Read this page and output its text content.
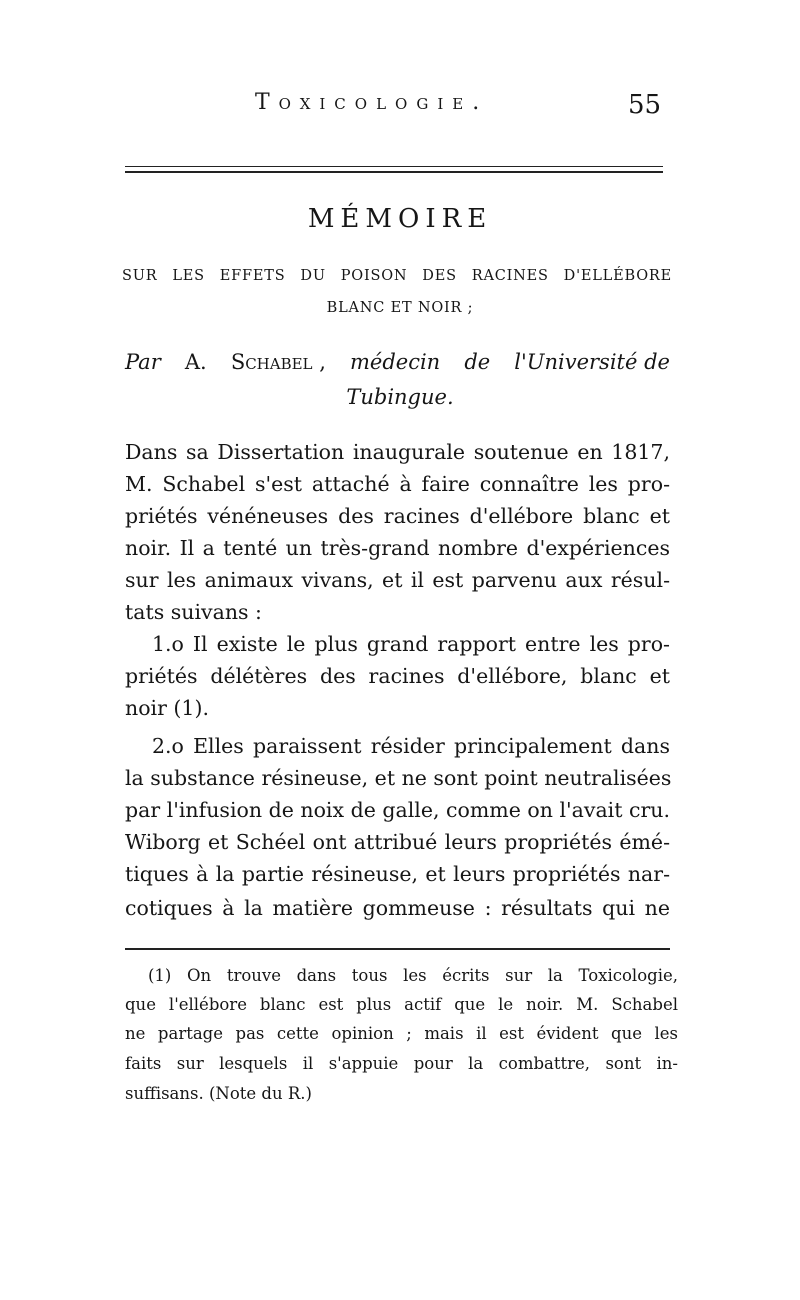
Toxicologie.	55
MÉMOIRE
SUR LES EFFETS DU POISON DES RACINES D'ELLÉBORE
BLANC ET NOIR ;
Par A. Schabel , médecin de l'Université de
Tubingue.
Dans sa Dissertation inaugurale soutenue en 1817,
M. Schabel s'est attaché à faire connaître les pro-
priétés vénéneuses des racines d'ellébore blanc et
noir. Il a tenté un très-grand nombre d'expériences
sur les animaux vivans, et il est parvenu aux résul-
tats suivans :
1.o Il existe le plus grand rapport entre les pro-
priétés délétères des racines d'ellébore, blanc et
noir (1).
2.o Elles paraissent résider principalement dans
la substance résineuse, et ne sont point neutralisées
par l'infusion de noix de galle, comme on l'avait cru.
Wiborg et Schéel ont attribué leurs propriétés émé-
tiques à la partie résineuse, et leurs propriétés nar-
cotiques à la matière gommeuse : résultats qui ne
(1) On trouve dans tous les écrits sur la Toxicologie,
que l'ellébore blanc est plus actif que le noir. M. Schabel
ne partage pas cette opinion ; mais il est évident que les
faits sur lesquels il s'appuie pour la combattre, sont in-
suffisans. (Note du R.)
